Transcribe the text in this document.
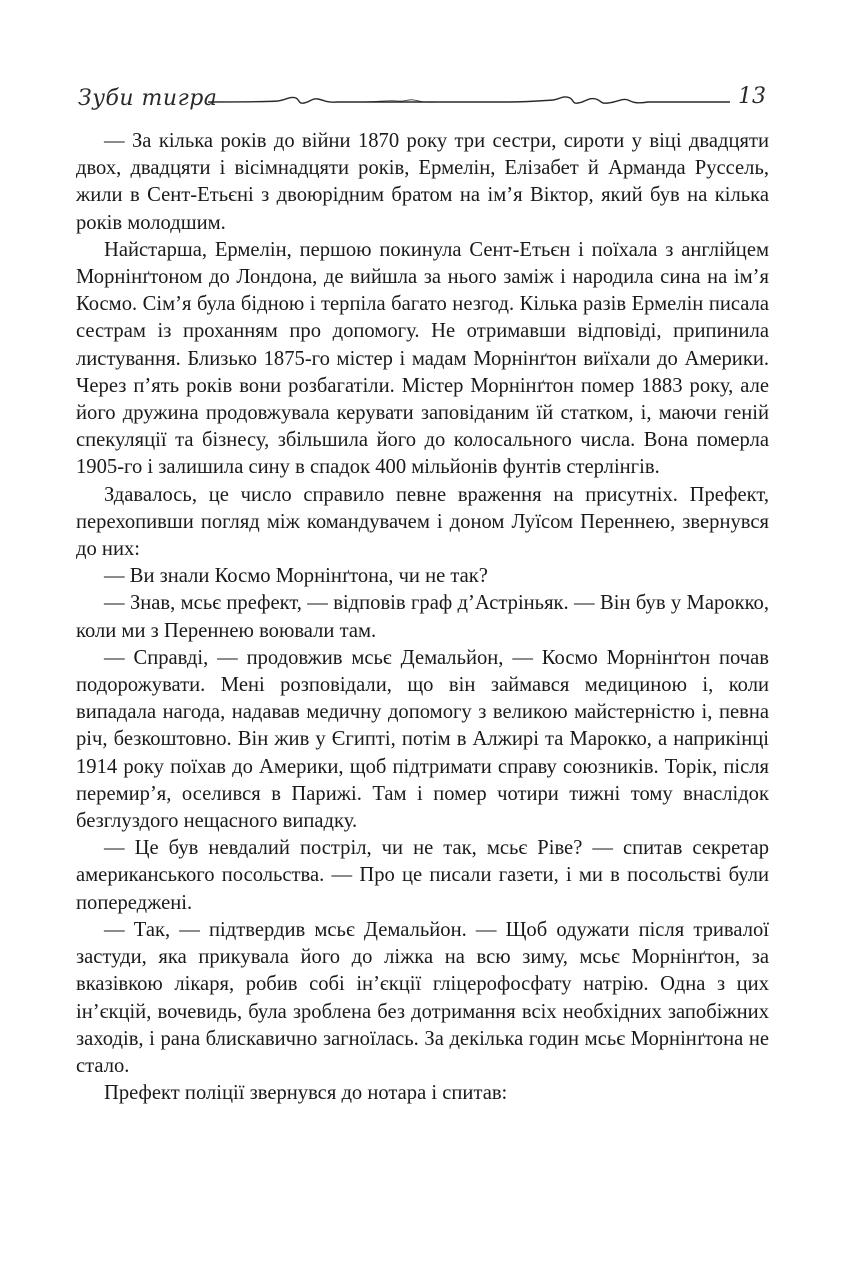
Зуби тигра	13

— За кілька років до війни 1870 року три сестри, сироти у віці двадцяти двох, двадцяти і вісімнадцяти років, Ермелін, Елізабет й Арманда Руссель, жили в Сент-Етьєні з двоюрідним братом на ім’я Віктор, який був на кілька років молодшим.

Найстарша, Ермелін, першою покинула Сент-Етьєн і поїхала з англійцем Морнінґтоном до Лондона, де вийшла за нього заміж і народила сина на ім’я Космо. Сім’я була бідною і терпіла багато незгод. Кілька разів Ермелін писала сестрам із проханням про допомогу. Не отримавши відповіді, припинила листування. Близько 1875-го містер і мадам Морнінґтон виїхали до Америки. Через п’ять років вони розбагатіли. Містер Морнінґтон помер 1883 року, але його дружина продовжувала керувати заповіданим їй статком, і, маючи геній спекуляції та бізнесу, збільшила його до колосального числа. Вона померла 1905-го і залишила сину в спадок 400 мільйонів фунтів стерлінгів.

Здавалось, це число справило певне враження на присутніх. Префект, перехопивши погляд між командувачем і доном Луїсом Переннею, звернувся до них:

— Ви знали Космо Морнінґтона, чи не так?

— Знав, мсьє префект, — відповів граф д’Астріньяк. — Він був у Марокко, коли ми з Переннею воювали там.

— Справді, — продовжив мсьє Демальйон, — Космо Морнінґтон почав подорожувати. Мені розповідали, що він займався медициною і, коли випадала нагода, надавав медичну допомогу з великою майстерністю і, певна річ, безкоштовно. Він жив у Єгипті, потім в Алжирі та Марокко, а наприкінці 1914 року поїхав до Америки, щоб підтримати справу союзників. Торік, після перемир’я, оселився в Парижі. Там і помер чотири тижні тому внаслідок безглуздого нещасного випадку.

— Це був невдалий постріл, чи не так, мсьє Ріве? — спитав секретар американського посольства. — Про це писали газети, і ми в посольстві були попереджені.

— Так, — підтвердив мсьє Демальйон. — Щоб одужати після тривалої застуди, яка прикувала його до ліжка на всю зиму, мсьє Морнінґтон, за вказівкою лікаря, робив собі ін’єкції гліцерофосфату натрію. Одна з цих ін’єкцій, вочевидь, була зроблена без дотримання всіх необхідних запобіжних заходів, і рана блискавично загноїлась. За декілька годин мсьє Морнінґтона не стало.

Префект поліції звернувся до нотара і спитав:
